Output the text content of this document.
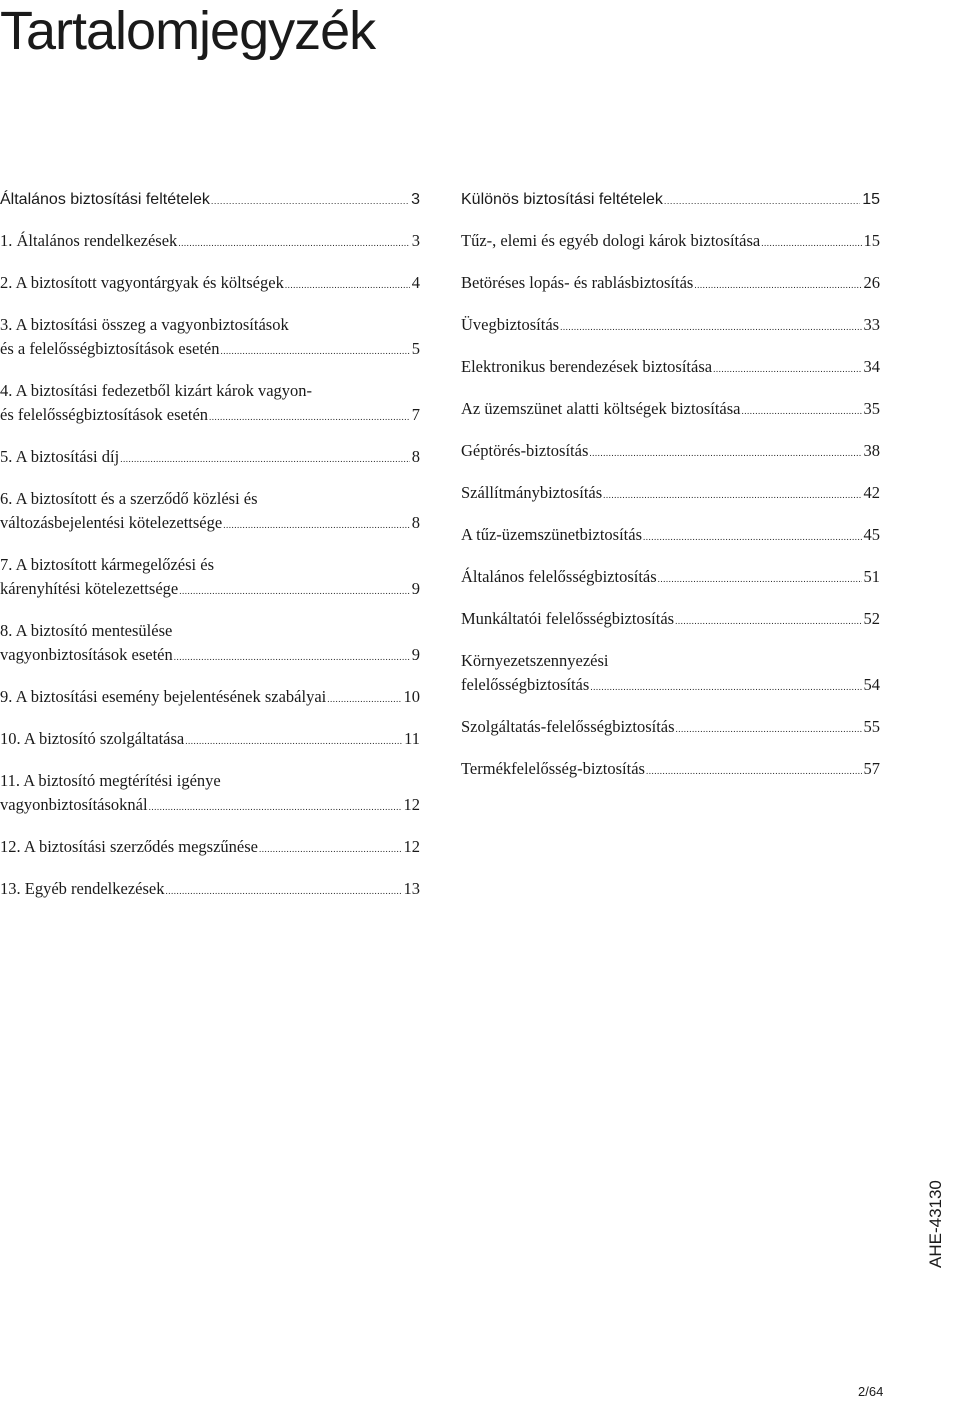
Tartalomjegyzék
Általános biztosítási feltételek .....	3
1. Általános rendelkezések .....	3
2. A biztosított vagyontárgyak és költségek .....	4
3. A biztosítási összeg a vagyonbiztosítások
és a felelősségbiztosítások esetén .....	5
4. A biztosítási fedezetből kizárt károk vagyon-
és felelősségbiztosítások esetén .....	7
5. A biztosítási díj .....	8
6. A biztosított és a szerződő közlési és
változásbejelentési kötelezettsége .....	8
7. A biztosított kármegelőzési és
kárenyhítési kötelezettsége .....	9
8. A biztosító mentesülése
vagyonbiztosítások esetén .....	9
9. A biztosítási esemény bejelentésének szabályai .....	10
10. A biztosító szolgáltatása .....	11
11. A biztosító megtérítési igénye
vagyonbiztosításoknál .....	12
12. A biztosítási szerződés megszűnése .....	12
13. Egyéb rendelkezések .....	13
Különös biztosítási feltételek .....	15
Tűz-, elemi és egyéb dologi károk biztosítása .....	15
Betöréses lopás- és rablásbiztosítás .....	26
Üvegbiztosítás .....	33
Elektronikus berendezések biztosítása .....	34
Az üzemszünet alatti költségek biztosítása .....	35
Géptörés-biztosítás .....	38
Szállítmánybiztosítás .....	42
A tűz-üzemszünetbiztosítás .....	45
Általános felelősségbiztosítás .....	51
Munkáltatói felelősségbiztosítás .....	52
Környezetszennyezési
felelősségbiztosítás .....	54
Szolgáltatás-felelősségbiztosítás .....	55
Termékfelelősség-biztosítás .....	57
AHE-43130
2/64
